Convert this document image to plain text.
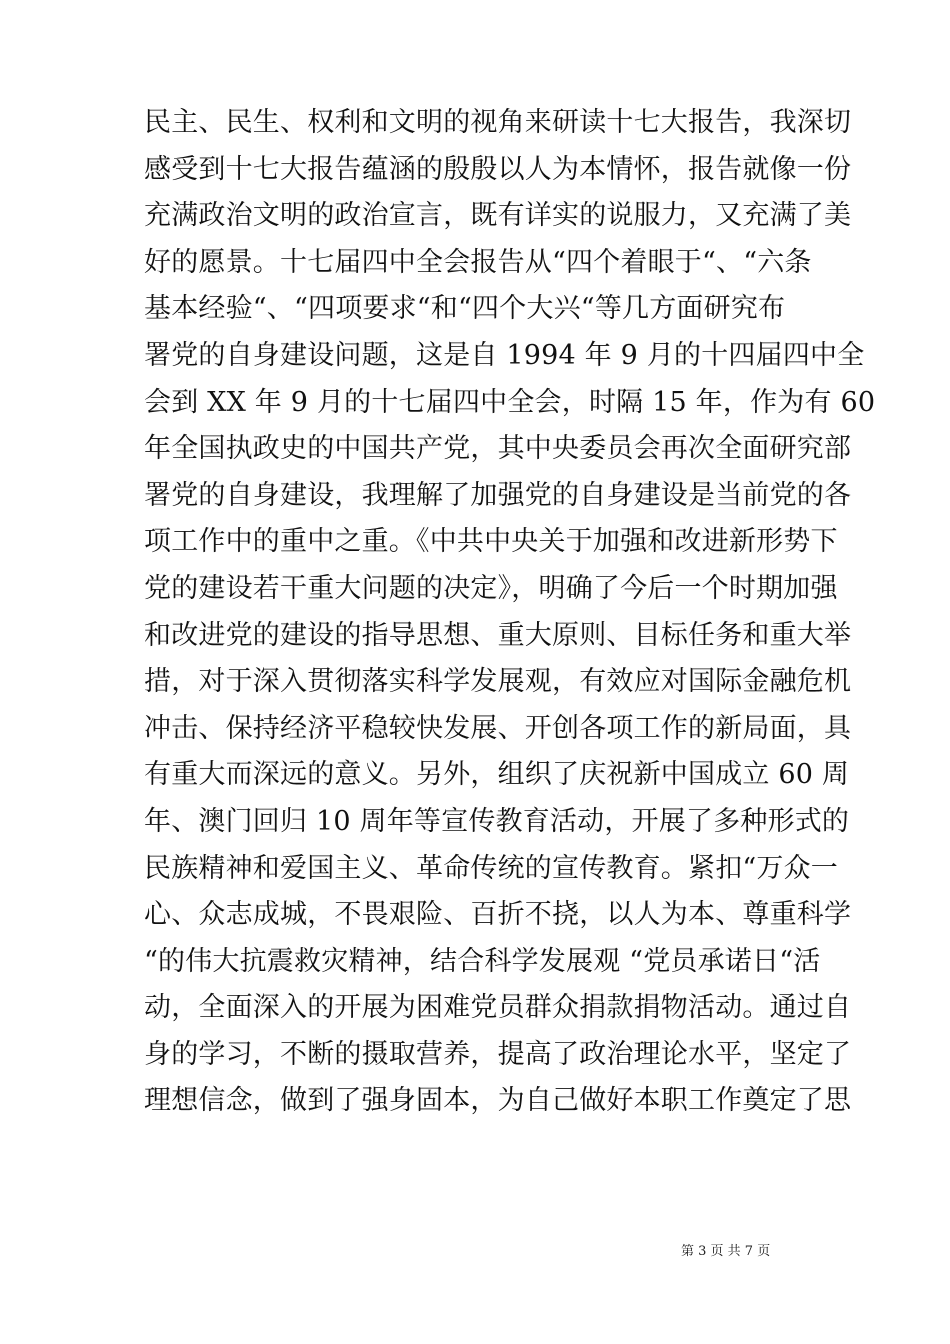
民主、民生、权利和文明的视角来研读十七大报告，我深切
感受到十七大报告蕴涵的殷殷以人为本情怀，报告就像一份
充满政治文明的政治宣言，既有详实的说服力，又充满了美
好的愿景。十七届四中全会报告从“四个着眼于“、“六条
基本经验“、“四项要求“和“四个大兴“等几方面研究布
署党的自身建设问题，这是自 1994 年 9 月的十四届四中全
会到 XX 年 9 月的十七届四中全会，时隔 15 年，作为有 60
年全国执政史的中国共产党，其中央委员会再次全面研究部
署党的自身建设，我理解了加强党的自身建设是当前党的各
项工作中的重中之重。《中共中央关于加强和改进新形势下
党的建设若干重大问题的决定》，明确了今后一个时期加强
和改进党的建设的指导思想、重大原则、目标任务和重大举
措，对于深入贯彻落实科学发展观，有效应对国际金融危机
冲击、保持经济平稳较快发展、开创各项工作的新局面，具
有重大而深远的意义。另外，组织了庆祝新中国成立 60 周
年、澳门回归 10 周年等宣传教育活动，开展了多种形式的
民族精神和爱国主义、革命传统的宣传教育。紧扣“万众一
心、众志成城，不畏艰险、百折不挠，以人为本、尊重科学
“的伟大抗震救灾精神，结合科学发展观 “党员承诺日“活
动，全面深入的开展为困难党员群众捐款捐物活动。通过自
身的学习，不断的摄取营养，提高了政治理论水平，坚定了
理想信念，做到了强身固本，为自己做好本职工作奠定了思
第 3 页 共 7 页
